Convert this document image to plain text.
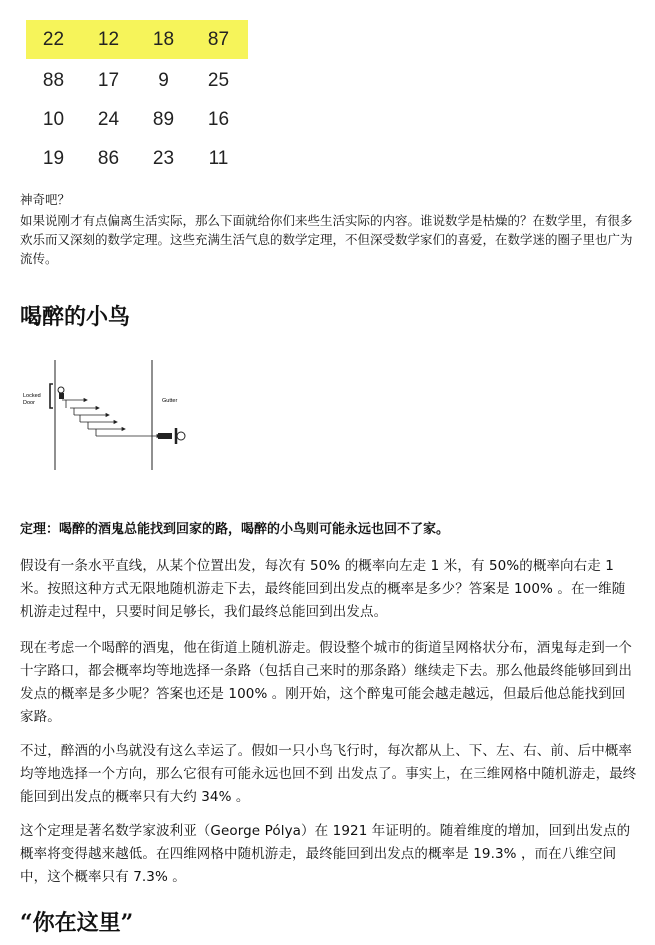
22	12	18	87
88	17	9	25
10	24	89	16
19	86	23	11

神奇吧？

如果说刚才有点偏离生活实际，那么下面就给你们来些生活实际的内容。谁说数学是枯燥的？在数学里，有很多欢乐而又深刻的数学定理。这些充满生活气息的数学定理，不但深受数学家们的喜爱，在数学迷的圈子里也广为流传。

喝醉的小鸟
Locked
Door	Gutter

定理：喝醉的酒鬼总能找到回家的路，喝醉的小鸟则可能永远也回不了家。

假设有一条水平直线，从某个位置出发，每次有 50% 的概率向左走 1 米，有 50%的概率向右走 1 米。按照这种方式无限地随机游走下去，最终能回到出发点的概率是多少？答案是 100% 。在一维随机游走过程中，只要时间足够长，我们最终总能回到出发点。

现在考虑一个喝醉的酒鬼，他在街道上随机游走。假设整个城市的街道呈网格状分布，酒鬼每走到一个十字路口，都会概率均等地选择一条路（包括自己来时的那条路）继续走下去。那么他最终能够回到出发点的概率是多少呢？答案也还是 100% 。刚开始，这个醉鬼可能会越走越远，但最后他总能找到回家路。

不过，醉酒的小鸟就没有这么幸运了。假如一只小鸟飞行时，每次都从上、下、左、右、前、后中概率均等地选择一个方向，那么它很有可能永远也回不到 出发点了。事实上，在三维网格中随机游走，最终能回到出发点的概率只有大约 34% 。

这个定理是著名数学家波利亚（George Pólya）在 1921 年证明的。随着维度的增加，回到出发点的概率将变得越来越低。在四维网格中随机游走，最终能回到出发点的概率是 19.3% ，而在八维空间中，这个概率只有 7.3% 。

“你在这里”
